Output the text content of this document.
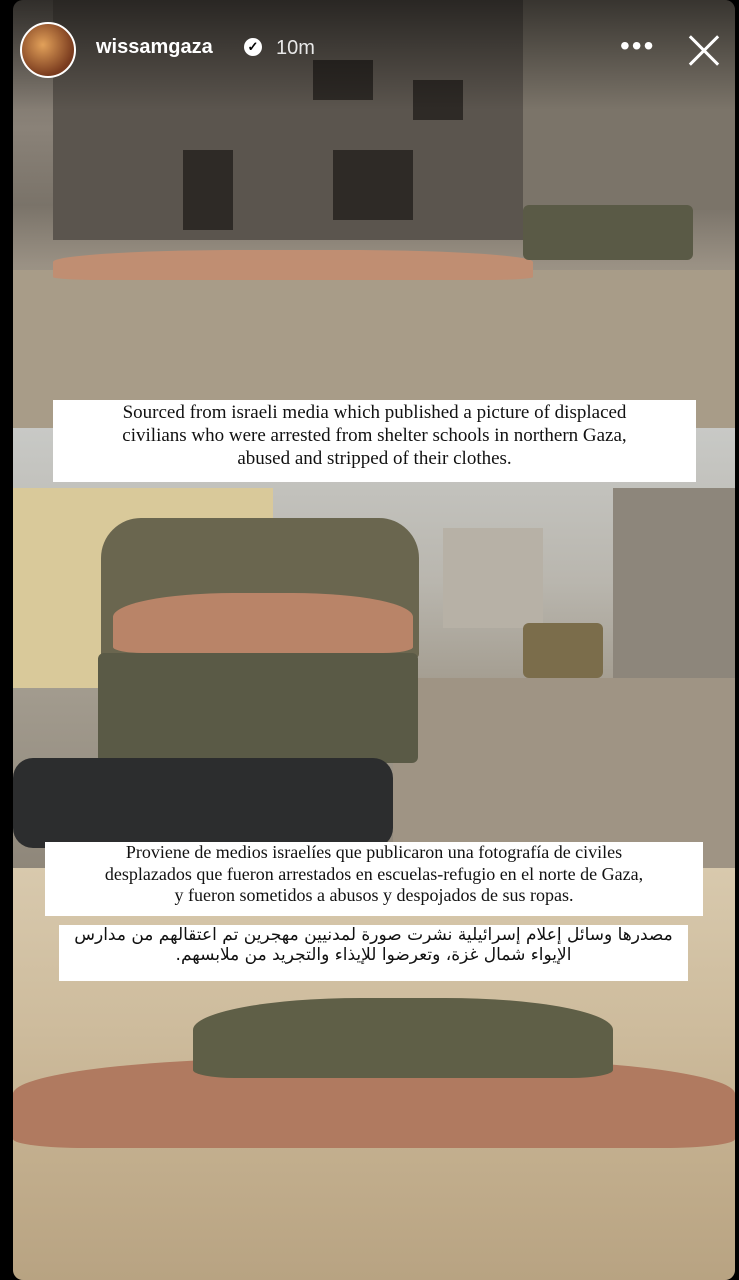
Sourced from israeli media which published a picture of displaced
civilians who were arrested from shelter schools in northern Gaza,
abused and stripped of their clothes.
Proviene de medios israelíes que publicaron una fotografía de civiles
desplazados que fueron arrestados en escuelas-refugio en el norte de Gaza,
y fueron sometidos a abusos y despojados de sus ropas.
مصدرها وسائل إعلام إسرائيلية نشرت صورة لمدنيين مهجرين تم اعتقالهم من مدارس
الإيواء شمال غزة، وتعرضوا للإيذاء والتجريد من ملابسهم.
wissamgaza	✓ 10m	•••
